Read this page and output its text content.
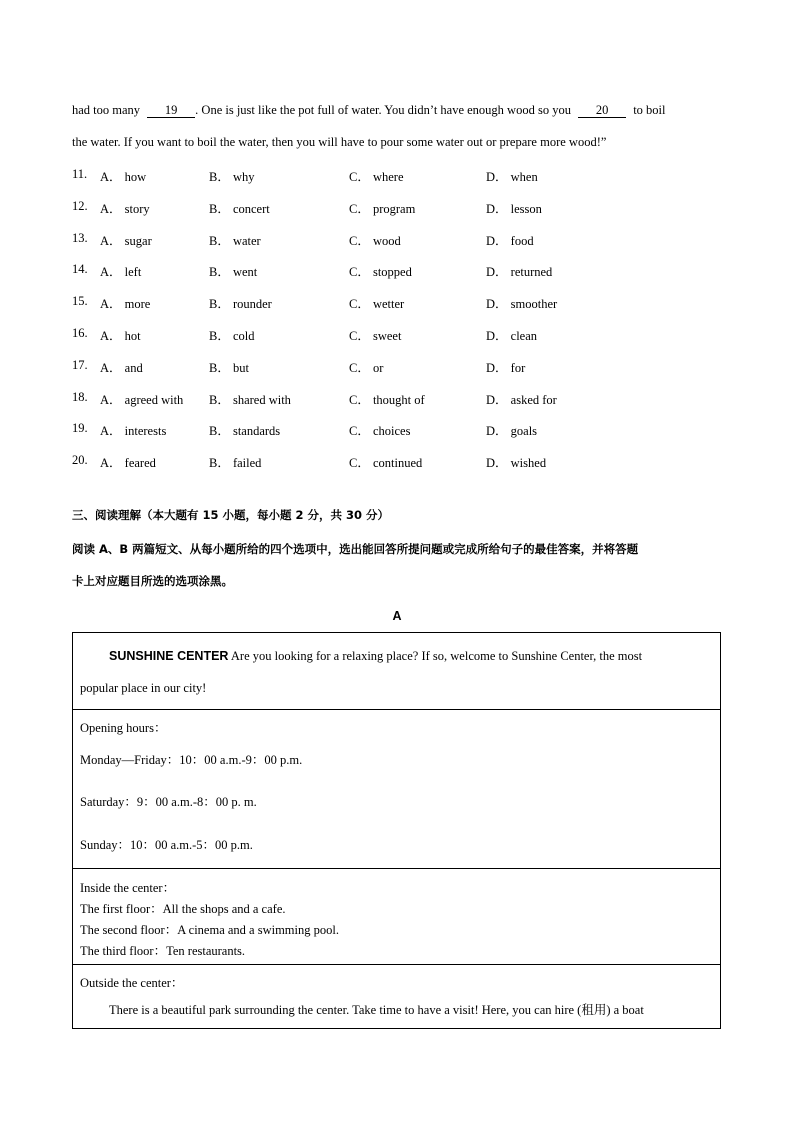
had too many 19 . One is just like the pot full of water. You didn’t have enough wood so you 20 to boil
the water. If you want to boil the water, then you will have to pour some water out or prepare more wood!”
11. A． how	B． why	C． where	D． when
12. A． story	B． concert	C． program	D． lesson
13. A． sugar	B． water	C． wood	D． food
14. A． left	B． went	C． stopped	D． returned
15. A． more	B． rounder	C． wetter	D． smoother
16. A． hot	B． cold	C． sweet	D． clean
17. A． and	B． but	C． or	D． for
18. A． agreed with B． shared with	C． thought of	D． asked for
19. A． interests	B． standards	C． choices	D． goals
20. A． feared	B． failed	C． continued	D． wished
三、阅读理解（本大题有 15 小题，每小题 2 分，共 30 分）
阅读 A、B 两篇短文、从每小题所给的四个选项中，选出能回答所提问题或完成所给句子的最佳答案，并将答题
卡上对应题目所选的选项涂黑。
A
SUNSHINE CENTER Are you looking for a relaxing place? If so, welcome to Sunshine Center, the most
popular place in our city!
Opening hours：
Monday—Friday：10：00 a.m.-9：00 p.m.
Saturday：9：00 a.m.-8：00 p. m.
Sunday：10：00 a.m.-5：00 p.m.
Inside the center：
The first floor：All the shops and a cafe.
The second floor：A cinema and a swimming pool.
The third floor：Ten restaurants.
Outside the center：
There is a beautiful park surrounding the center. Take time to have a visit! Here, you can hire (租用) a boat
